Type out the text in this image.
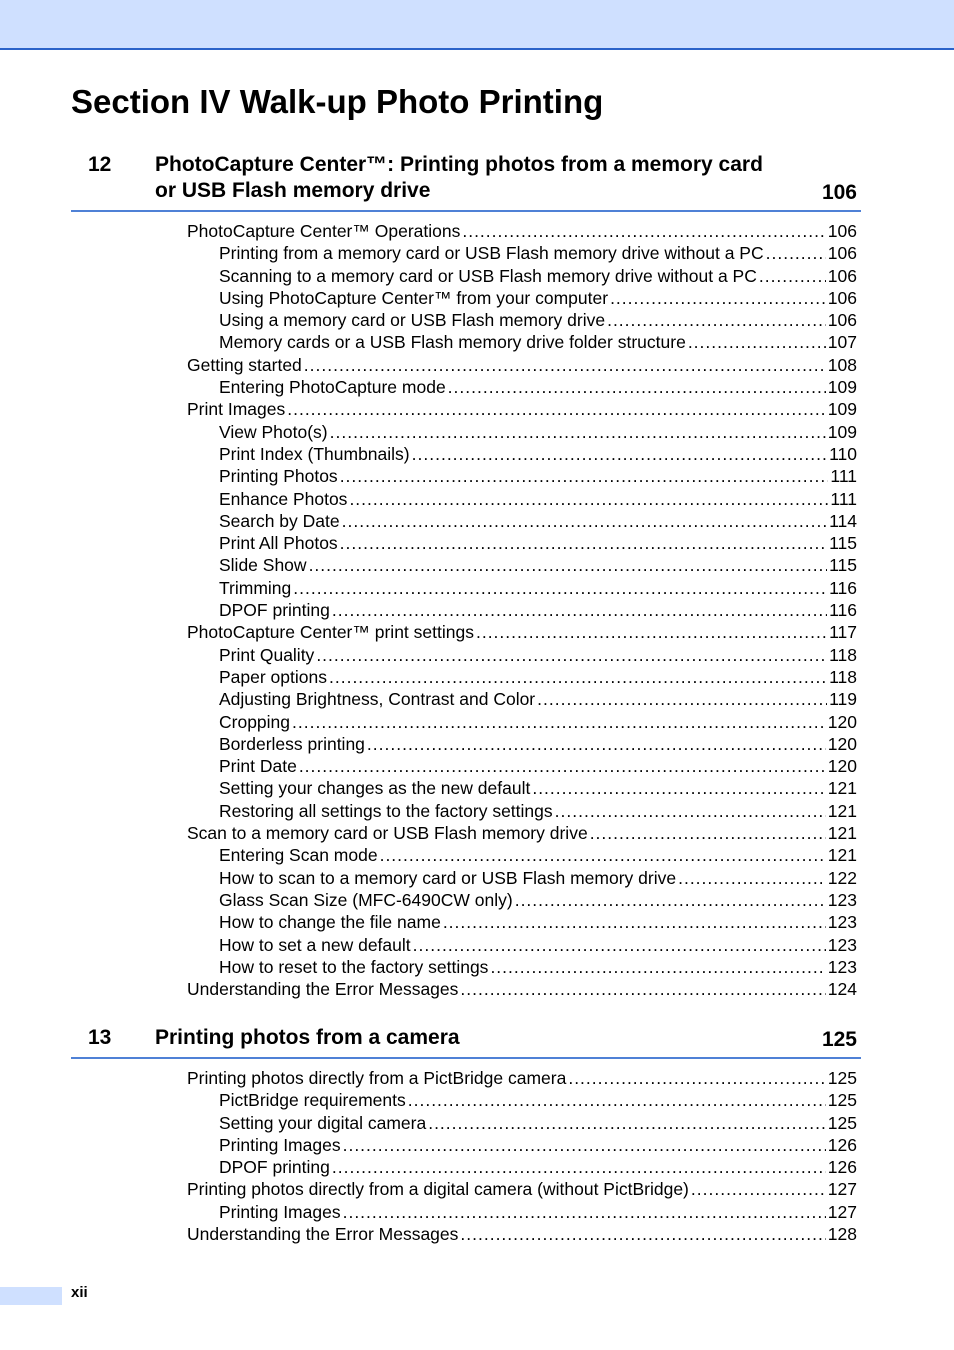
Section IV Walk-up Photo Printing
12 PhotoCapture Center™: Printing photos from a memory card or USB Flash memory drive	106
PhotoCapture Center™ Operations .....	106
Printing from a memory card or USB Flash memory drive without a PC .....	106
Scanning to a memory card or USB Flash memory drive without a PC .....	106
Using PhotoCapture Center™ from your computer .....	106
Using a memory card or USB Flash memory drive .....	106
Memory cards or a USB Flash memory drive folder structure .....	107
Getting started .....	108
Entering PhotoCapture mode .....	109
Print Images .....	109
View Photo(s) .....	109
Print Index (Thumbnails) .....	110
Printing Photos .....	111
Enhance Photos .....	111
Search by Date .....	114
Print All Photos .....	115
Slide Show .....	115
Trimming .....	116
DPOF printing .....	116
PhotoCapture Center™ print settings .....	117
Print Quality .....	118
Paper options .....	118
Adjusting Brightness, Contrast and Color .....	119
Cropping .....	120
Borderless printing .....	120
Print Date .....	120
Setting your changes as the new default .....	121
Restoring all settings to the factory settings .....	121
Scan to a memory card or USB Flash memory drive .....	121
Entering Scan mode .....	121
How to scan to a memory card or USB Flash memory drive .....	122
Glass Scan Size (MFC-6490CW only) .....	123
How to change the file name .....	123
How to set a new default .....	123
How to reset to the factory settings .....	123
Understanding the Error Messages .....	124
13 Printing photos from a camera	125
Printing photos directly from a PictBridge camera .....	125
PictBridge requirements .....	125
Setting your digital camera .....	125
Printing Images .....	126
DPOF printing .....	126
Printing photos directly from a digital camera (without PictBridge) .....	127
Printing Images .....	127
Understanding the Error Messages .....	128
xii
